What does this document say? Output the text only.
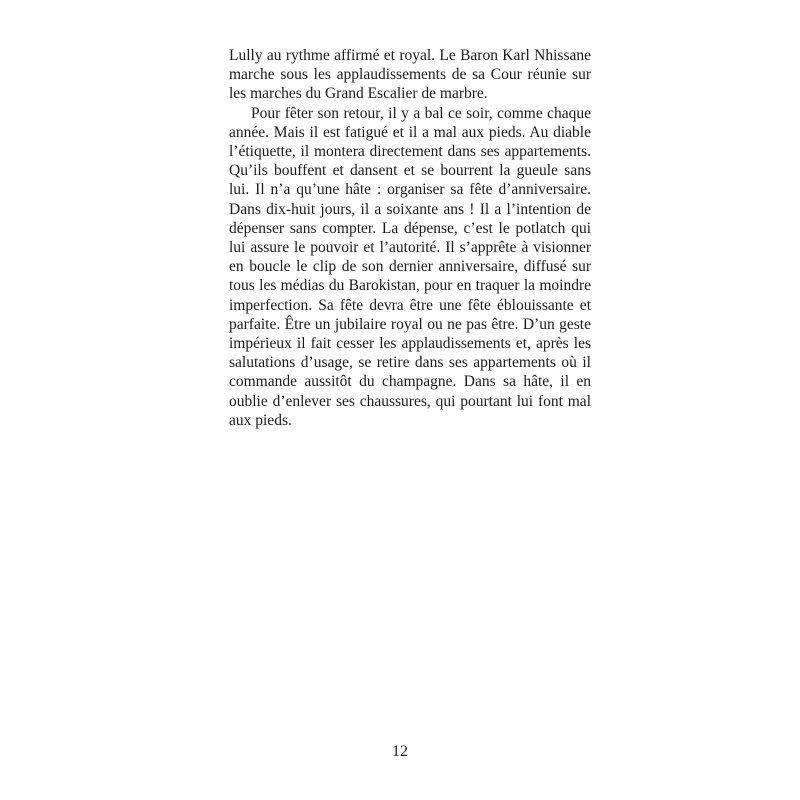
Lully au rythme affirmé et royal. Le Baron Karl Nhissane marche sous les applaudissements de sa Cour réunie sur les marches du Grand Escalier de marbre.

Pour fêter son retour, il y a bal ce soir, comme chaque année. Mais il est fatigué et il a mal aux pieds. Au diable l’étiquette, il montera directement dans ses appartements. Qu’ils bouffent et dansent et se bourrent la gueule sans lui. Il n’a qu’une hâte : organiser sa fête d’anniversaire. Dans dix-huit jours, il a soixante ans ! Il a l’intention de dépenser sans compter. La dépense, c’est le potlatch qui lui assure le pouvoir et l’autorité. Il s’apprête à visionner en boucle le clip de son dernier anniversaire, diffusé sur tous les médias du Barokistan, pour en traquer la moindre imperfection. Sa fête devra être une fête éblouissante et parfaite. Être un jubilaire royal ou ne pas être. D’un geste impérieux il fait cesser les applaudissements et, après les salutations d’usage, se retire dans ses appartements où il commande aussitôt du champagne. Dans sa hâte, il en oublie d’enlever ses chaussures, qui pourtant lui font mal aux pieds.

12
